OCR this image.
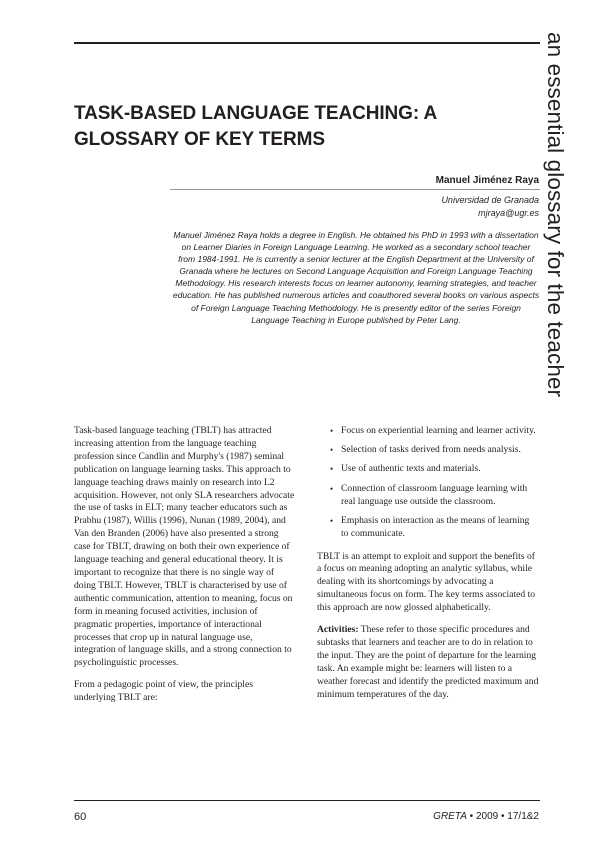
an essential glossary for the teacher
TASK-BASED LANGUAGE TEACHING: A GLOSSARY OF KEY TERMS
Manuel Jiménez Raya
Universidad de Granada
mjraya@ugr.es

Manuel Jiménez Raya holds a degree in English. He obtained his PhD in 1993 with a dissertation on Learner Diaries in Foreign Language Learning. He worked as a secondary school teacher from 1984-1991. He is currently a senior lecturer at the English Department at the University of Granada where he lectures on Second Language Acquisition and Foreign Language Teaching Methodology. His research interests focus on learner autonomy, learning strategies, and teacher education. He has published numerous articles and coauthored several books on various aspects of Foreign Language Teaching Methodology. He is presently editor of the series Foreign Language Teaching in Europe published by Peter Lang.

Task-based language teaching (TBLT) has attracted increasing attention from the language teaching profession since Candlin and Murphy's (1987) seminal publication on language learning tasks. This approach to language teaching draws mainly on research into L2 acquisition. However, not only SLA researchers advocate the use of tasks in ELT; many teacher educators such as Prabhu (1987), Willis (1996), Nunan (1989, 2004), and Van den Branden (2006) have also presented a strong case for TBLT, drawing on both their own experience of language teaching and general educational theory. It is important to recognize that there is no single way of doing TBLT. However, TBLT is characterised by use of authentic communication, attention to meaning, focus on form in meaning focused activities, inclusion of pragmatic properties, importance of interactional processes that crop up in natural language use, integration of language skills, and a strong connection to psycholinguistic processes.

From a pedagogic point of view, the principles underlying TBLT are:

• Focus on experiential learning and learner activity.
• Selection of tasks derived from needs analysis.
• Use of authentic texts and materials.
• Connection of classroom language learning with real language use outside the classroom.
• Emphasis on interaction as the means of learning to communicate.

TBLT is an attempt to exploit and support the benefits of a focus on meaning adopting an analytic syllabus, while dealing with its shortcomings by advocating a simultaneous focus on form. The key terms associated to this approach are now glossed alphabetically.

Activities: These refer to those specific procedures and subtasks that learners and teacher are to do in relation to the input. They are the point of departure for the learning task. An example might be: learners will listen to a weather forecast and identify the predicted maximum and minimum temperatures of the day.

60	GRETA • 2009 • 17/1&2
